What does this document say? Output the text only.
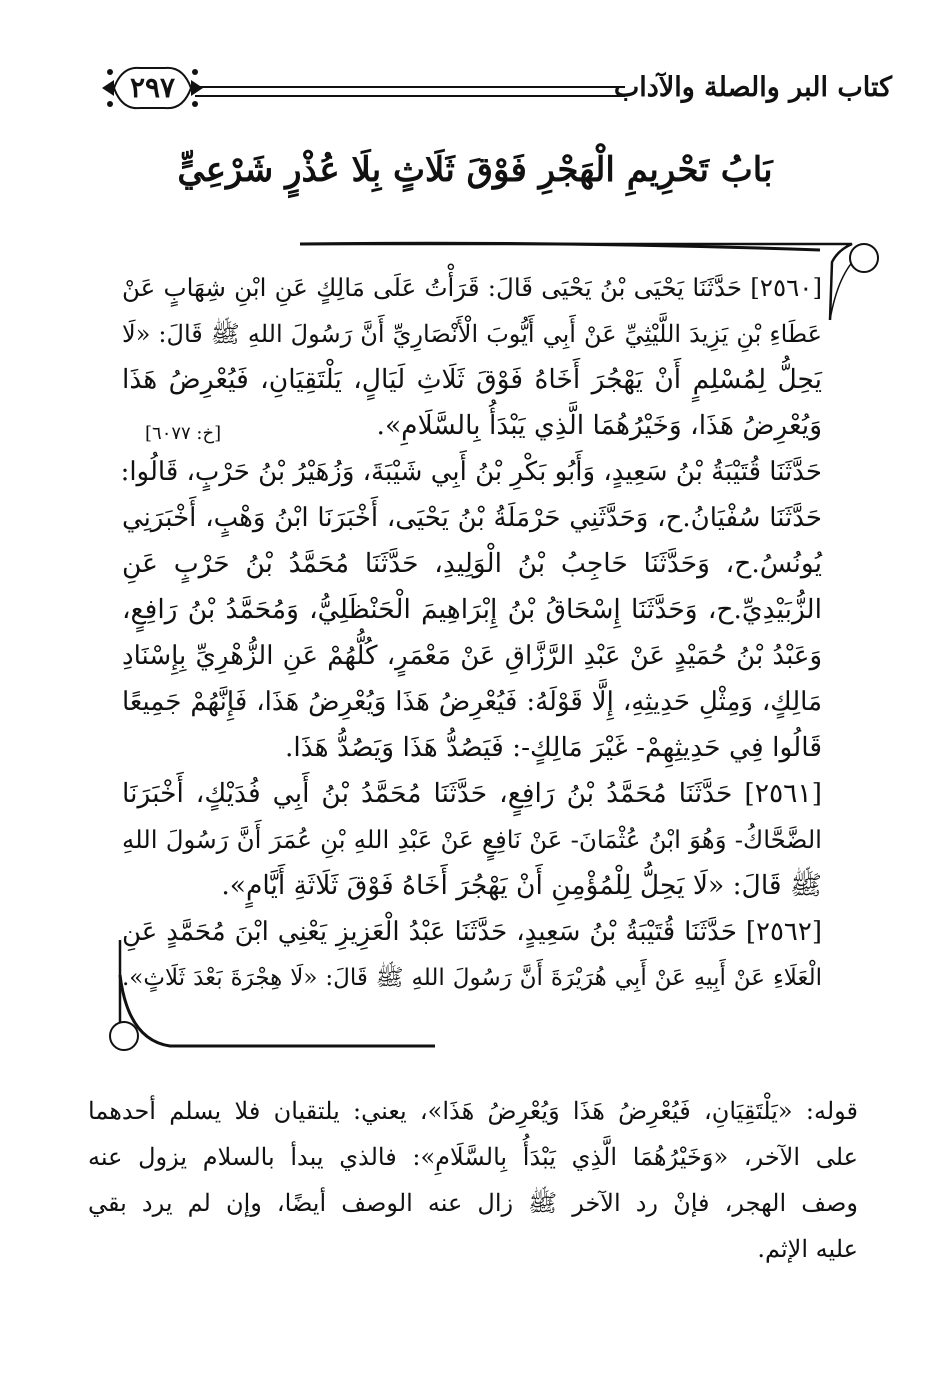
كتاب البر والصلة والآداب
٢٩٧
بَابُ تَحْرِيمِ الْهَجْرِ فَوْقَ ثَلَاثٍ بِلَا عُذْرٍ شَرْعِيٍّ
[٢٥٦٠] حَدَّثَنَا يَحْيَى بْنُ يَحْيَى قَالَ: قَرَأْتُ عَلَى مَالِكٍ عَنِ ابْنِ شِهَابٍ عَنْ
عَطَاءِ بْنِ يَزِيدَ اللَّيْثِيِّ عَنْ أَبِي أَيُّوبَ الْأَنْصَارِيِّ أَنَّ رَسُولَ اللهِ ﷺ قَالَ: «لَا
يَحِلُّ لِمُسْلِمٍ أَنْ يَهْجُرَ أَخَاهُ فَوْقَ ثَلَاثِ لَيَالٍ، يَلْتَقِيَانِ، فَيُعْرِضُ هَذَا
وَيُعْرِضُ هَذَا، وَخَيْرُهُمَا الَّذِي يَبْدَأُ بِالسَّلَامِ».
حَدَّثَنَا قُتَيْبَةُ بْنُ سَعِيدٍ، وَأَبُو بَكْرِ بْنُ أَبِي شَيْبَةَ، وَزُهَيْرُ بْنُ حَرْبٍ، قَالُوا:
حَدَّثَنَا سُفْيَانُ.ح، وَحَدَّثَنِي حَرْمَلَةُ بْنُ يَحْيَى، أَخْبَرَنَا ابْنُ وَهْبٍ، أَخْبَرَنِي
يُونُسُ.ح، وَحَدَّثَنَا حَاجِبُ بْنُ الْوَلِيدِ، حَدَّثَنَا مُحَمَّدُ بْنُ حَرْبٍ عَنِ
الزُّبَيْدِيِّ.ح، وَحَدَّثَنَا إِسْحَاقُ بْنُ إِبْرَاهِيمَ الْحَنْظَلِيُّ، وَمُحَمَّدُ بْنُ رَافِعٍ،
وَعَبْدُ بْنُ حُمَيْدٍ عَنْ عَبْدِ الرَّزَّاقِ عَنْ مَعْمَرٍ، كُلُّهُمْ عَنِ الزُّهْرِيِّ بِإِسْنَادِ
مَالِكٍ، وَمِثْلِ حَدِيثِهِ، إِلَّا قَوْلَهُ: فَيُعْرِضُ هَذَا وَيُعْرِضُ هَذَا، فَإِنَّهُمْ جَمِيعًا
قَالُوا فِي حَدِيثِهِمْ- غَيْرَ مَالِكٍ-: فَيَصُدُّ هَذَا وَيَصُدُّ هَذَا.
[٢٥٦١] حَدَّثَنَا مُحَمَّدُ بْنُ رَافِعٍ، حَدَّثَنَا مُحَمَّدُ بْنُ أَبِي فُدَيْكٍ، أَخْبَرَنَا
الضَّحَّاكُ- وَهُوَ ابْنُ عُثْمَانَ- عَنْ نَافِعٍ عَنْ عَبْدِ اللهِ بْنِ عُمَرَ أَنَّ رَسُولَ اللهِ
ﷺ قَالَ: «لَا يَحِلُّ لِلْمُؤْمِنِ أَنْ يَهْجُرَ أَخَاهُ فَوْقَ ثَلَاثَةِ أَيَّامٍ».
[٢٥٦٢] حَدَّثَنَا قُتَيْبَةُ بْنُ سَعِيدٍ، حَدَّثَنَا عَبْدُ الْعَزِيزِ يَعْنِي ابْنَ مُحَمَّدٍ عَنِ
الْعَلَاءِ عَنْ أَبِيهِ عَنْ أَبِي هُرَيْرَةَ أَنَّ رَسُولَ اللهِ ﷺ قَالَ: «لَا هِجْرَةَ بَعْدَ ثَلَاثٍ».
[خ: ٦٠٧٧]
قوله: «يَلْتَقِيَانِ، فَيُعْرِضُ هَذَا وَيُعْرِضُ هَذَا»، يعني: يلتقيان فلا يسلم أحدهما
على الآخر، «وَخَيْرُهُمَا الَّذِي يَبْدَأُ بِالسَّلَامِ»: فالذي يبدأ بالسلام يزول عنه
وصف الهجر، فإنْ رد الآخر ﷺ زال عنه الوصف أيضًا، وإن لم يرد بقي
عليه الإثم.
